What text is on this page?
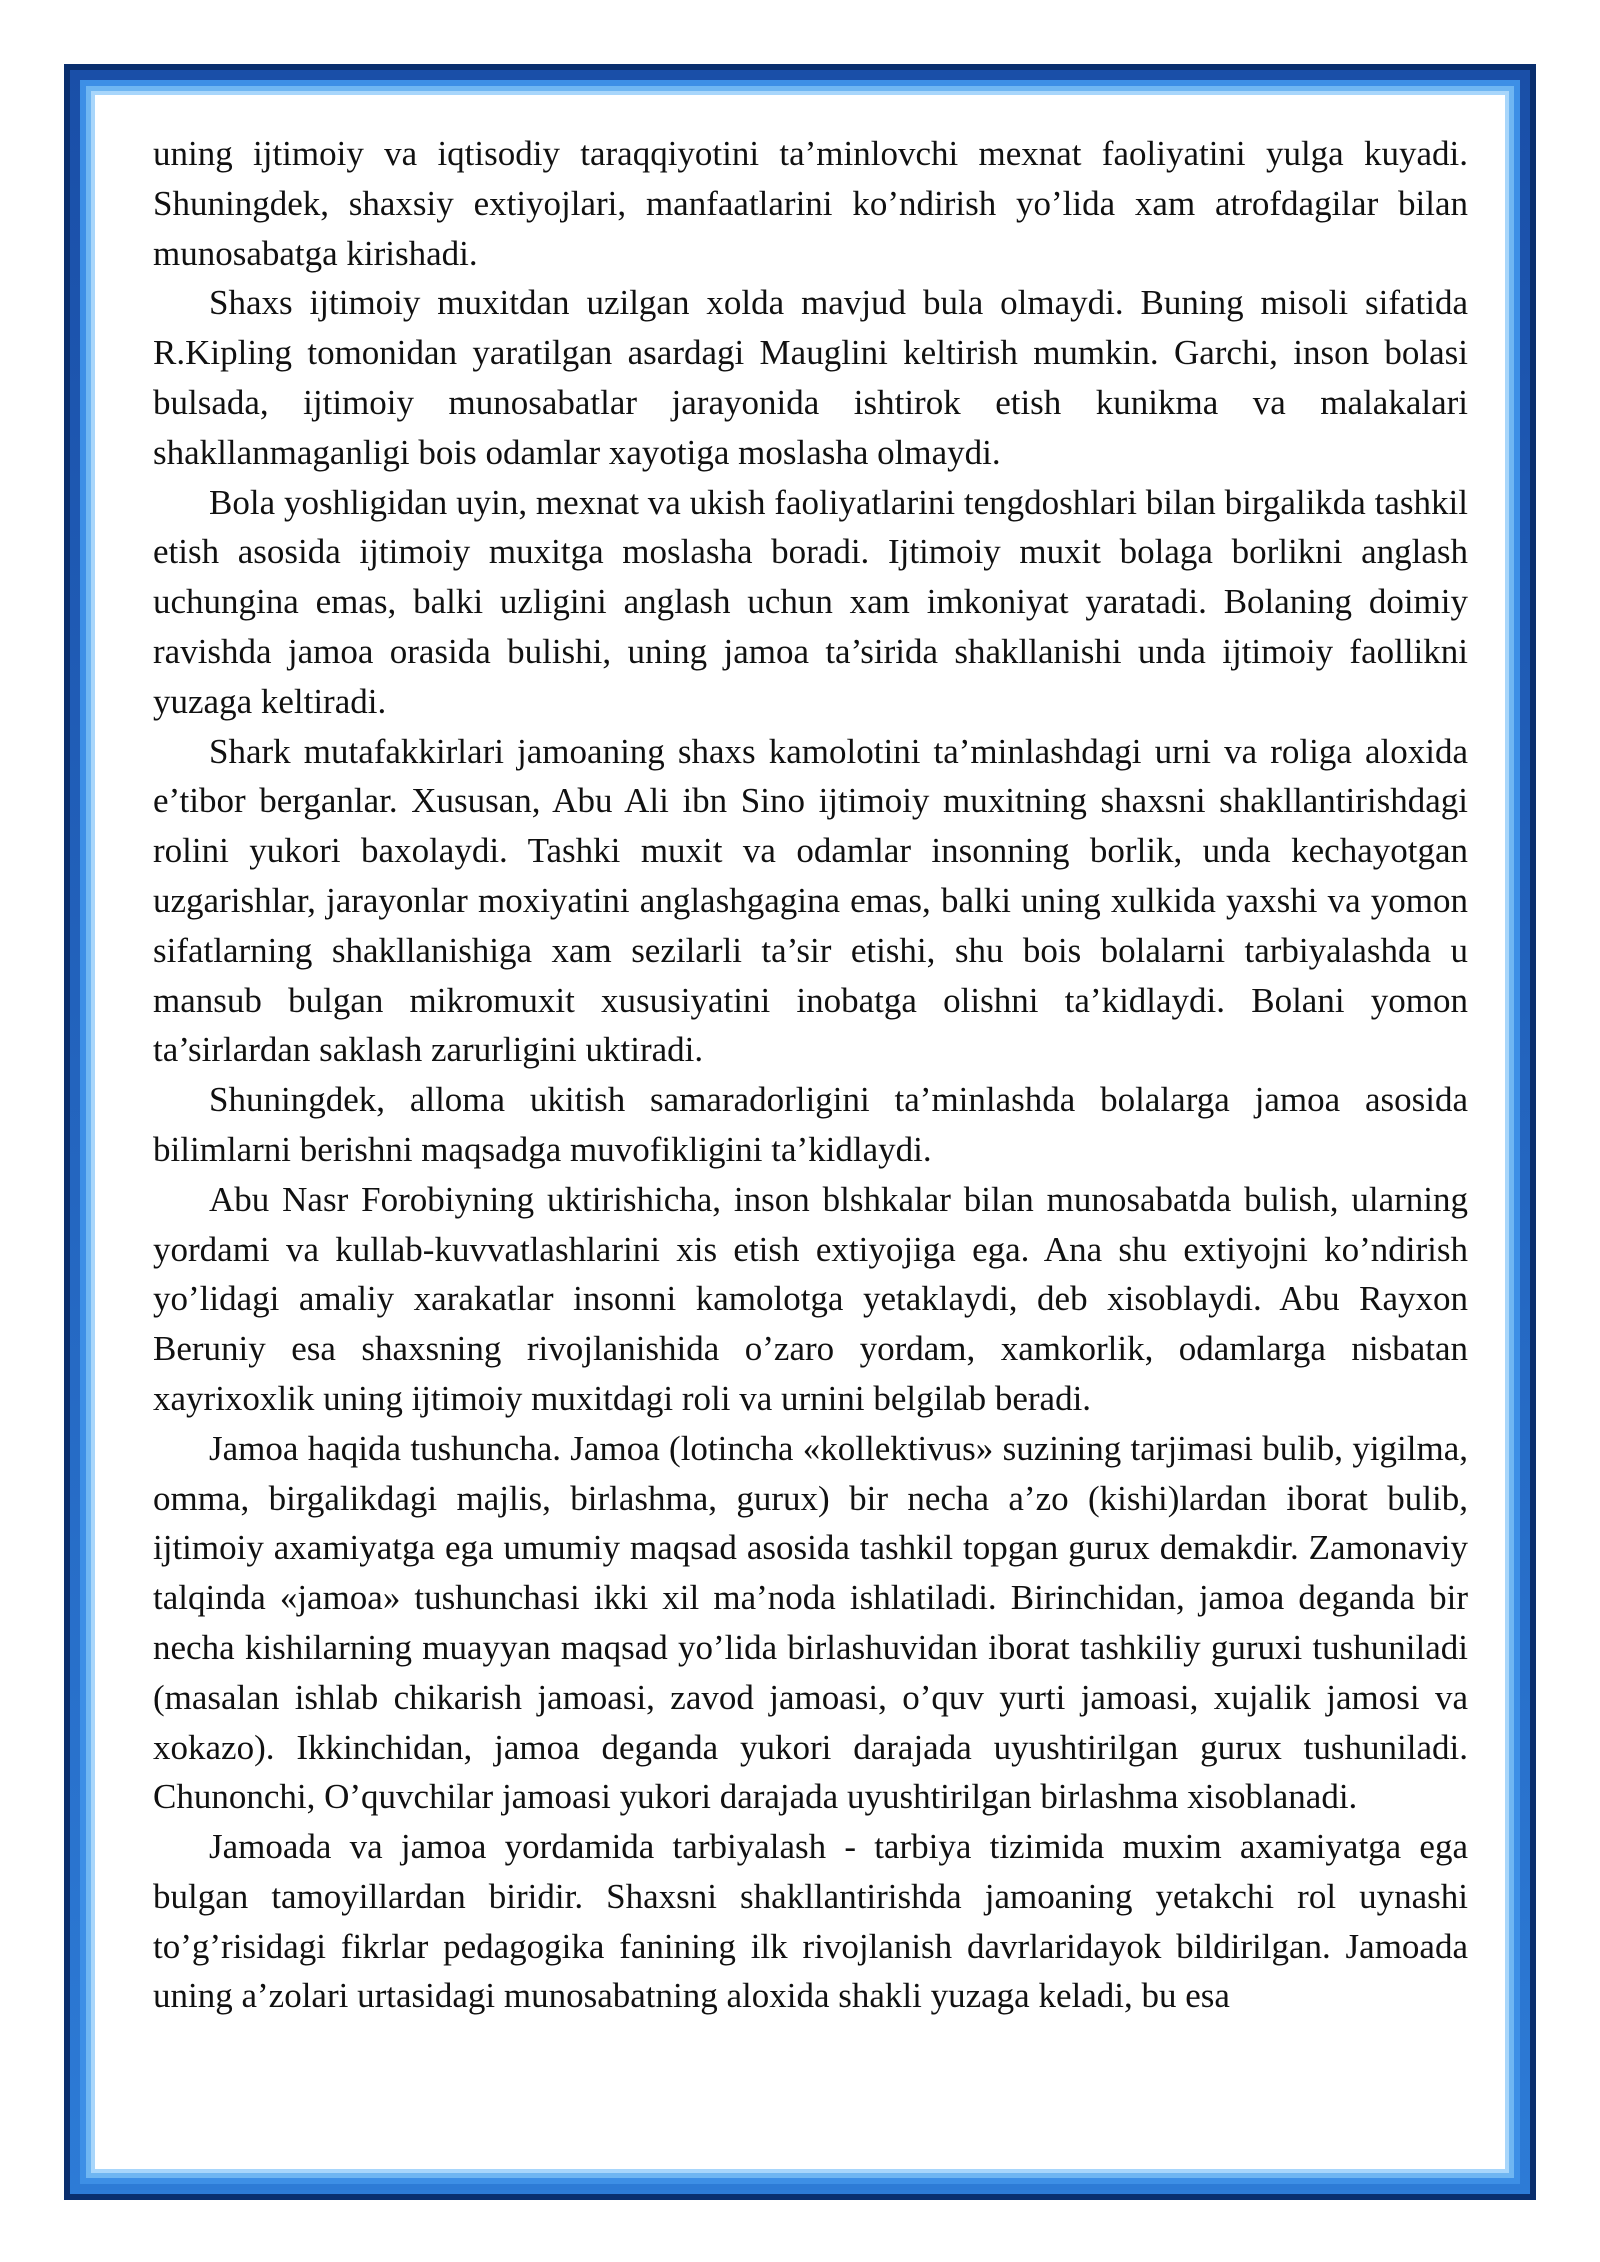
uning ijtimoiy va iqtisodiy taraqqiyotini ta’minlovchi mexnat faoliyatini yulga kuyadi. Shuningdek, shaxsiy extiyojlari, manfaatlarini ko’ndirish yo’lida xam atrofdagilar bilan munosabatga kirishadi.

Shaxs ijtimoiy muxitdan uzilgan xolda mavjud bula olmaydi. Buning misoli sifatida R.Kipling tomonidan yaratilgan asardagi Mauglini keltirish mumkin. Garchi, inson bolasi bulsada, ijtimoiy munosabatlar jarayonida ishtirok etish kunikma va malakalari shakllanmaganligi bois odamlar xayotiga moslasha olmaydi.

Bola yoshligidan uyin, mexnat va ukish faoliyatlarini tengdoshlari bilan birgalikda tashkil etish asosida ijtimoiy muxitga moslasha boradi. Ijtimoiy muxit bolaga borlikni anglash uchungina emas, balki uzligini anglash uchun xam imkoniyat yaratadi. Bolaning doimiy ravishda jamoa orasida bulishi, uning jamoa ta’sirida shakllanishi unda ijtimoiy faollikni yuzaga keltiradi.

Shark mutafakkirlari jamoaning shaxs kamolotini ta’minlashdagi urni va roliga aloxida e’tibor berganlar. Xususan, Abu Ali ibn Sino ijtimoiy muxitning shaxsni shakllantirishdagi rolini yukori baxolaydi. Tashki muxit va odamlar insonning borlik, unda kechayotgan uzgarishlar, jarayonlar moxiyatini anglashgagina emas, balki uning xulkida yaxshi va yomon sifatlarning shakllanishiga xam sezilarli ta’sir etishi, shu bois bolalarni tarbiyalashda u mansub bulgan mikromuxit xususiyatini inobatga olishni ta’kidlaydi. Bolani yomon ta’sirlardan saklash zarurligini uktiradi.

Shuningdek, alloma ukitish samaradorligini ta’minlashda bolalarga jamoa asosida bilimlarni berishni maqsadga muvofikligini ta’kidlaydi.

Abu Nasr Forobiyning uktirishicha, inson blshkalar bilan munosabatda bulish, ularning yordami va kullab-kuvvatlashlarini xis etish extiyojiga ega. Ana shu extiyojni ko’ndirish yo’lidagi amaliy xarakatlar insonni kamolotga yetaklaydi, deb xisoblaydi. Abu Rayxon Beruniy esa shaxsning rivojlanishida o’zaro yordam, xamkorlik, odamlarga nisbatan xayrixoxlik uning ijtimoiy muxitdagi roli va urnini belgilab beradi.

Jamoa haqida tushuncha. Jamoa (lotincha «kollektivus» suzining tarjimasi bulib, yigilma, omma, birgalikdagi majlis, birlashma, gurux) bir necha a’zo (kishi)lardan iborat bulib, ijtimoiy axamiyatga ega umumiy maqsad asosida tashkil topgan gurux demakdir. Zamonaviy talqinda «jamoa» tushunchasi ikki xil ma’noda ishlatiladi. Birinchidan, jamoa deganda bir necha kishilarning muayyan maqsad yo’lida birlashuvidan iborat tashkiliy guruxi tushuniladi (masalan ishlab chikarish jamoasi, zavod jamoasi, o’quv yurti jamoasi, xujalik jamosi va xokazo). Ikkinchidan, jamoa deganda yukori darajada uyushtirilgan gurux tushuniladi. Chunonchi, O’quvchilar jamoasi yukori darajada uyushtirilgan birlashma xisoblanadi.

Jamoada va jamoa yordamida tarbiyalash - tarbiya tizimida muxim axamiyatga ega bulgan tamoyillardan biridir. Shaxsni shakllantirishda jamoaning yetakchi rol uynashi to’g’risidagi fikrlar pedagogika fanining ilk rivojlanish davrlaridayok bildirilgan. Jamoada uning a’zolari urtasidagi munosabatning aloxida shakli yuzaga keladi, bu esa
